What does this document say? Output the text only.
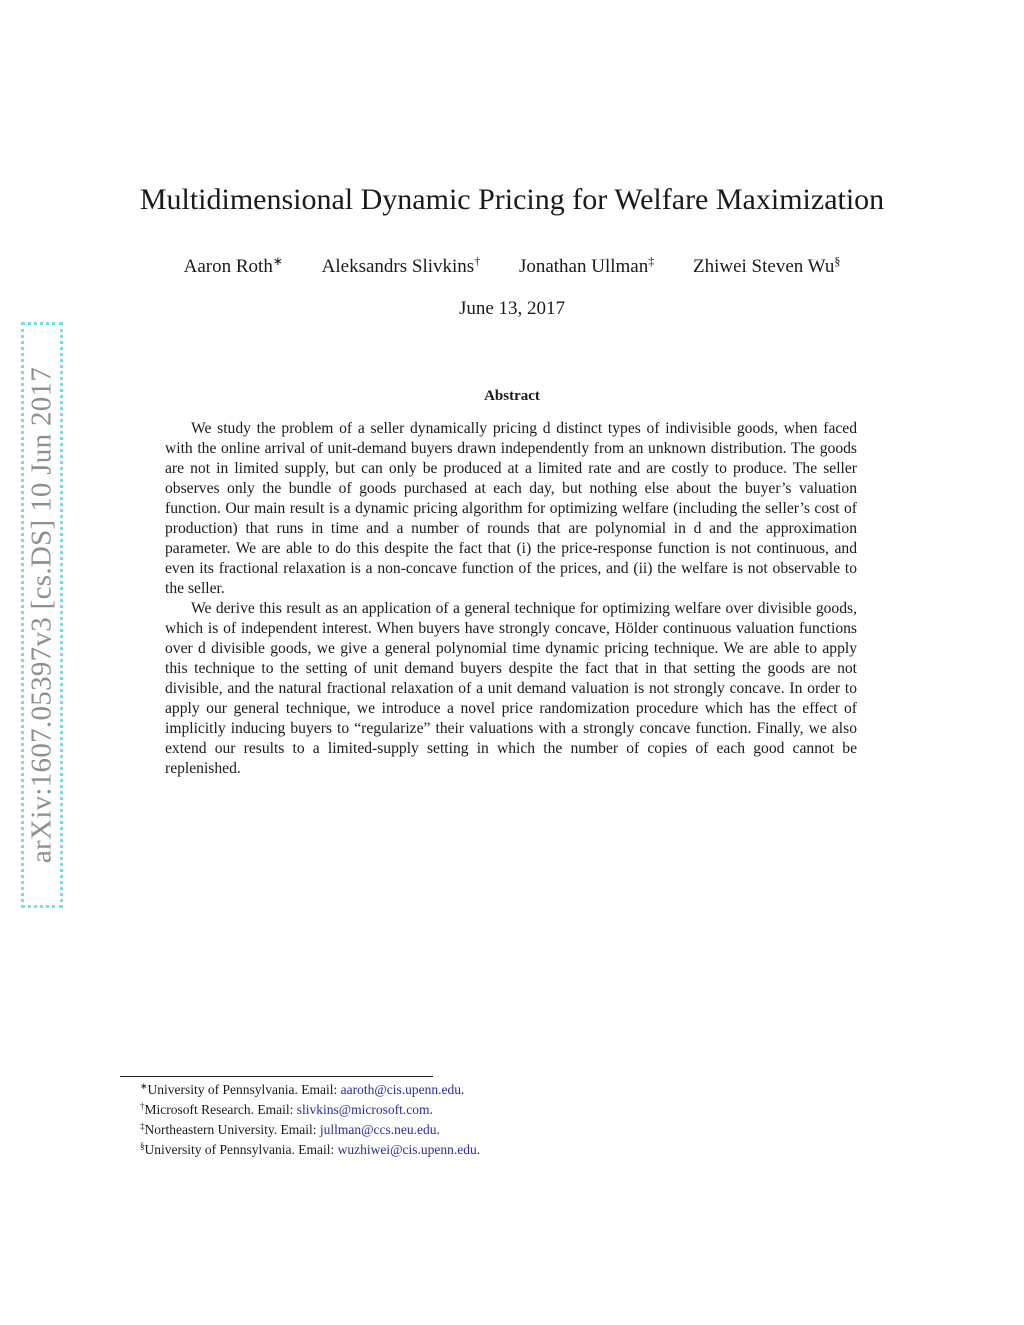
arXiv:1607.05397v3 [cs.DS] 10 Jun 2017
Multidimensional Dynamic Pricing for Welfare Maximization
Aaron Roth∗ Aleksandrs Slivkins† Jonathan Ullman‡ Zhiwei Steven Wu§
June 13, 2017
Abstract

We study the problem of a seller dynamically pricing d distinct types of indivisible goods, when faced with the online arrival of unit-demand buyers drawn independently from an unknown distribution. The goods are not in limited supply, but can only be produced at a limited rate and are costly to produce. The seller observes only the bundle of goods purchased at each day, but nothing else about the buyer’s valuation function. Our main result is a dynamic pricing algorithm for optimizing welfare (including the seller’s cost of production) that runs in time and a number of rounds that are polynomial in d and the approximation parameter. We are able to do this despite the fact that (i) the price-response function is not continuous, and even its fractional relaxation is a non-concave function of the prices, and (ii) the welfare is not observable to the seller.

We derive this result as an application of a general technique for optimizing welfare over divisible goods, which is of independent interest. When buyers have strongly concave, Hölder continuous valuation functions over d divisible goods, we give a general polynomial time dynamic pricing technique. We are able to apply this technique to the setting of unit demand buyers despite the fact that in that setting the goods are not divisible, and the natural fractional relaxation of a unit demand valuation is not strongly concave. In order to apply our general technique, we introduce a novel price randomization procedure which has the effect of implicitly inducing buyers to “regularize” their valuations with a strongly concave function. Finally, we also extend our results to a limited-supply setting in which the number of copies of each good cannot be replenished.

∗University of Pennsylvania. Email: aaroth@cis.upenn.edu.
†Microsoft Research. Email: slivkins@microsoft.com.
‡Northeastern University. Email: jullman@ccs.neu.edu.
§University of Pennsylvania. Email: wuzhiwei@cis.upenn.edu.
